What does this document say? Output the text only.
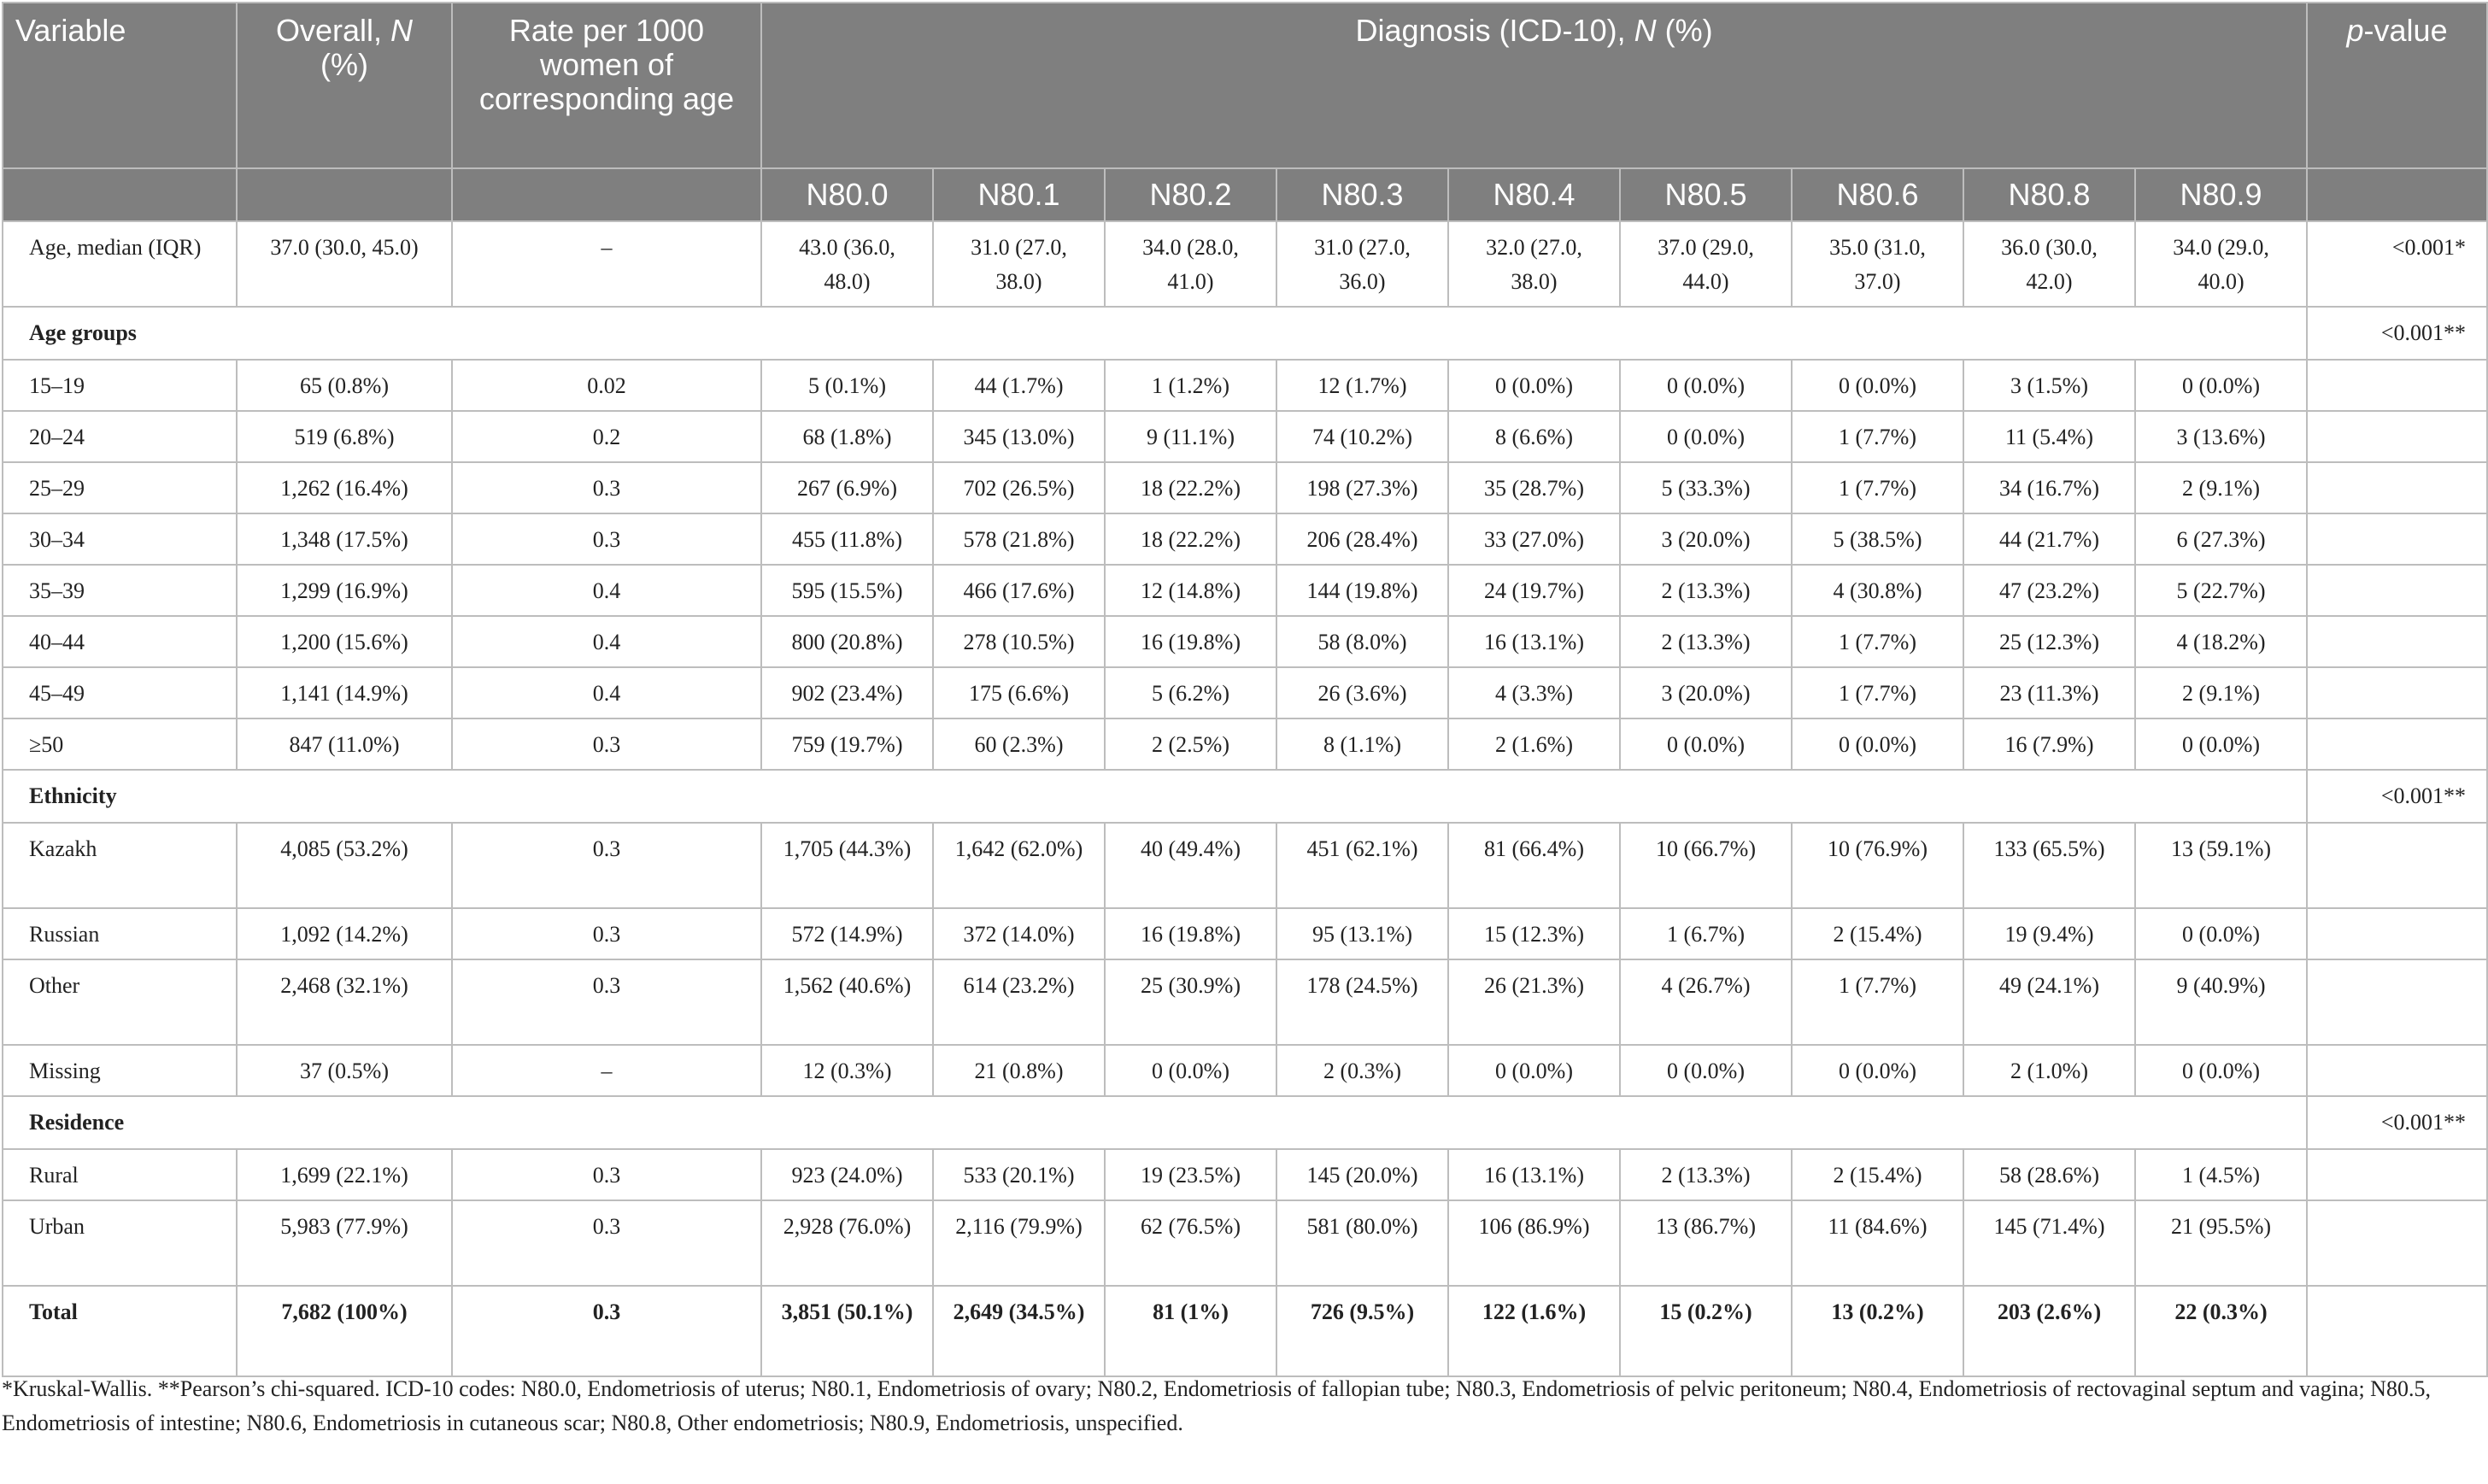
Variable	Overall, N (%)	Rate per 1000 women of corresponding age	Diagnosis (ICD-10), N (%)									p-value
			N80.0	N80.1	N80.2	N80.3	N80.4	N80.5	N80.6	N80.8	N80.9	
Age, median (IQR)	37.0 (30.0, 45.0)	–	43.0 (36.0, 48.0)	31.0 (27.0, 38.0)	34.0 (28.0, 41.0)	31.0 (27.0, 36.0)	32.0 (27.0, 38.0)	37.0 (29.0, 44.0)	35.0 (31.0, 37.0)	36.0 (30.0, 42.0)	34.0 (29.0, 40.0)	<0.001*
Age groups												<0.001**
15–19	65 (0.8%)	0.02	5 (0.1%)	44 (1.7%)	1 (1.2%)	12 (1.7%)	0 (0.0%)	0 (0.0%)	0 (0.0%)	3 (1.5%)	0 (0.0%)	
20–24	519 (6.8%)	0.2	68 (1.8%)	345 (13.0%)	9 (11.1%)	74 (10.2%)	8 (6.6%)	0 (0.0%)	1 (7.7%)	11 (5.4%)	3 (13.6%)	
25–29	1,262 (16.4%)	0.3	267 (6.9%)	702 (26.5%)	18 (22.2%)	198 (27.3%)	35 (28.7%)	5 (33.3%)	1 (7.7%)	34 (16.7%)	2 (9.1%)	
30–34	1,348 (17.5%)	0.3	455 (11.8%)	578 (21.8%)	18 (22.2%)	206 (28.4%)	33 (27.0%)	3 (20.0%)	5 (38.5%)	44 (21.7%)	6 (27.3%)	
35–39	1,299 (16.9%)	0.4	595 (15.5%)	466 (17.6%)	12 (14.8%)	144 (19.8%)	24 (19.7%)	2 (13.3%)	4 (30.8%)	47 (23.2%)	5 (22.7%)	
40–44	1,200 (15.6%)	0.4	800 (20.8%)	278 (10.5%)	16 (19.8%)	58 (8.0%)	16 (13.1%)	2 (13.3%)	1 (7.7%)	25 (12.3%)	4 (18.2%)	
45–49	1,141 (14.9%)	0.4	902 (23.4%)	175 (6.6%)	5 (6.2%)	26 (3.6%)	4 (3.3%)	3 (20.0%)	1 (7.7%)	23 (11.3%)	2 (9.1%)	
≥50	847 (11.0%)	0.3	759 (19.7%)	60 (2.3%)	2 (2.5%)	8 (1.1%)	2 (1.6%)	0 (0.0%)	0 (0.0%)	16 (7.9%)	0 (0.0%)	
Ethnicity												<0.001**
Kazakh	4,085 (53.2%)	0.3	1,705 (44.3%)	1,642 (62.0%)	40 (49.4%)	451 (62.1%)	81 (66.4%)	10 (66.7%)	10 (76.9%)	133 (65.5%)	13 (59.1%)	
Russian	1,092 (14.2%)	0.3	572 (14.9%)	372 (14.0%)	16 (19.8%)	95 (13.1%)	15 (12.3%)	1 (6.7%)	2 (15.4%)	19 (9.4%)	0 (0.0%)	
Other	2,468 (32.1%)	0.3	1,562 (40.6%)	614 (23.2%)	25 (30.9%)	178 (24.5%)	26 (21.3%)	4 (26.7%)	1 (7.7%)	49 (24.1%)	9 (40.9%)	
Missing	37 (0.5%)	–	12 (0.3%)	21 (0.8%)	0 (0.0%)	2 (0.3%)	0 (0.0%)	0 (0.0%)	0 (0.0%)	2 (1.0%)	0 (0.0%)	
Residence												<0.001**
Rural	1,699 (22.1%)	0.3	923 (24.0%)	533 (20.1%)	19 (23.5%)	145 (20.0%)	16 (13.1%)	2 (13.3%)	2 (15.4%)	58 (28.6%)	1 (4.5%)	
Urban	5,983 (77.9%)	0.3	2,928 (76.0%)	2,116 (79.9%)	62 (76.5%)	581 (80.0%)	106 (86.9%)	13 (86.7%)	11 (84.6%)	145 (71.4%)	21 (95.5%)	
Total	7,682 (100%)	0.3	3,851 (50.1%)	2,649 (34.5%)	81 (1%)	726 (9.5%)	122 (1.6%)	15 (0.2%)	13 (0.2%)	203 (2.6%)	22 (0.3%)	
*Kruskal-Wallis. **Pearson’s chi-squared. ICD-10 codes: N80.0, Endometriosis of uterus; N80.1, Endometriosis of ovary; N80.2, Endometriosis of fallopian tube; N80.3, Endometriosis of pelvic peritoneum; N80.4, Endometriosis of rectovaginal septum and vagina; N80.5, Endometriosis of intestine; N80.6, Endometriosis in cutaneous scar; N80.8, Other endometriosis; N80.9, Endometriosis, unspecified.
